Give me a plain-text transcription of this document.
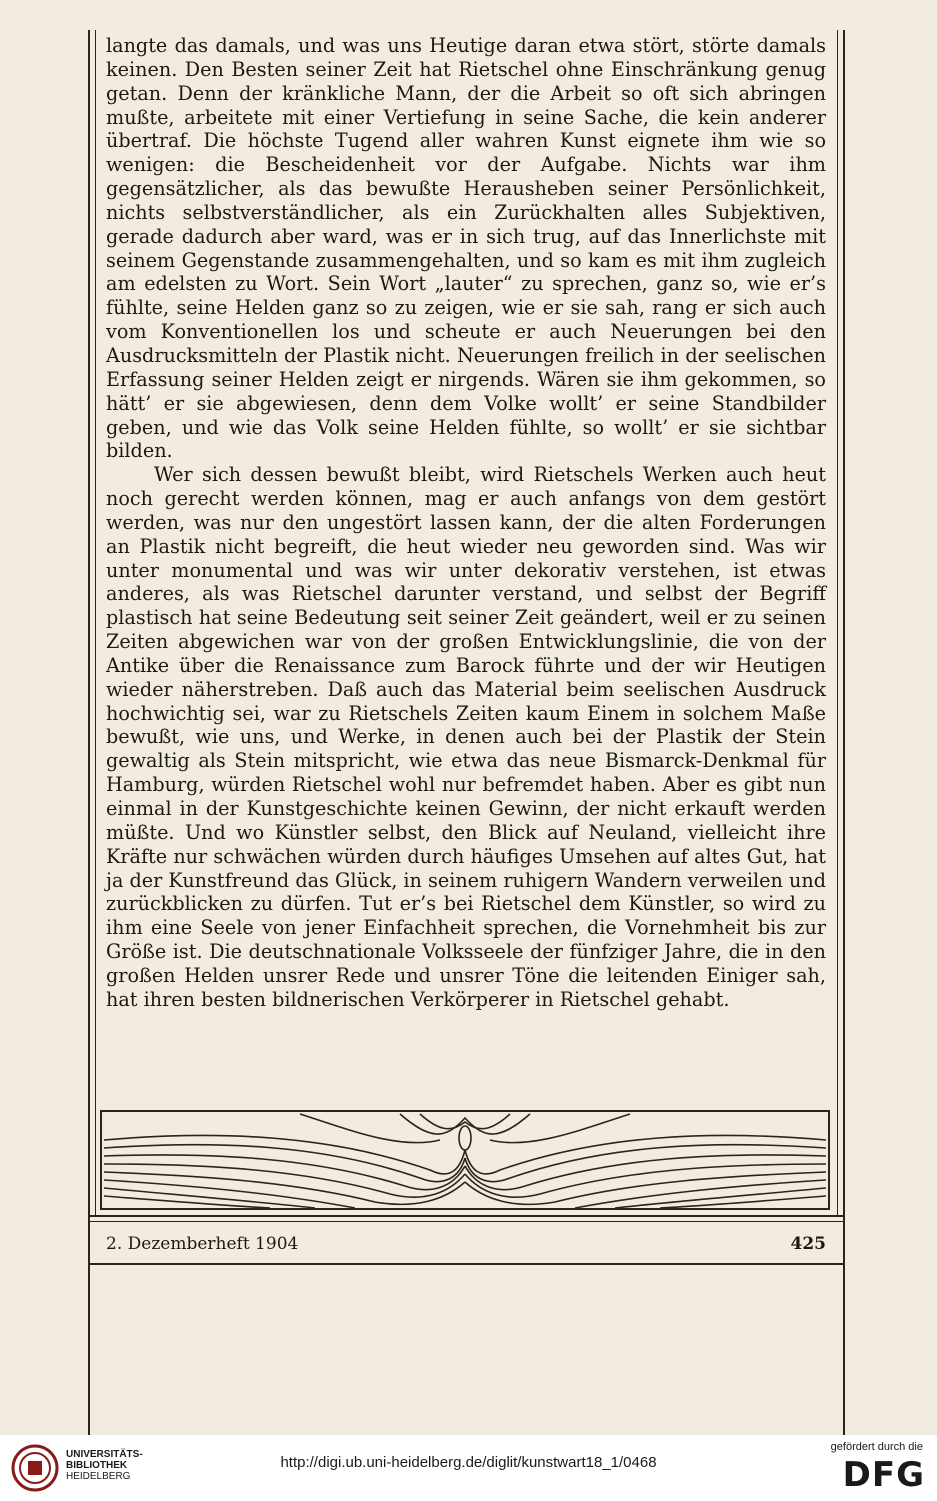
langte das damals, und was uns Heutige daran etwa stört, störte damals keinen. Den Besten seiner Zeit hat Rietschel ohne Einschränkung genug getan. Denn der kränkliche Mann, der die Arbeit so oft sich abringen mußte, arbeitete mit einer Vertiefung in seine Sache, die kein anderer übertraf. Die höchste Tugend aller wahren Kunst eignete ihm wie so wenigen: die Bescheidenheit vor der Aufgabe. Nichts war ihm gegensätzlicher, als das bewußte Herausheben seiner Persönlichkeit, nichts selbstverständlicher, als ein Zurückhalten alles Subjektiven, gerade dadurch aber ward, was er in sich trug, auf das Innerlichste mit seinem Gegenstande zusammengehalten, und so kam es mit ihm zugleich am edelsten zu Wort. Sein Wort „lauter“ zu sprechen, ganz so, wie er’s fühlte, seine Helden ganz so zu zeigen, wie er sie sah, rang er sich auch vom Konventionellen los und scheute er auch Neuerungen bei den Ausdrucksmitteln der Plastik nicht. Neuerungen freilich in der seelischen Erfassung seiner Helden zeigt er nirgends. Wären sie ihm gekommen, so hätt’ er sie abgewiesen, denn dem Volke wollt’ er seine Standbilder geben, und wie das Volk seine Helden fühlte, so wollt’ er sie sichtbar bilden.

Wer sich dessen bewußt bleibt, wird Rietschels Werken auch heut noch gerecht werden können, mag er auch anfangs von dem gestört werden, was nur den ungestört lassen kann, der die alten Forderungen an Plastik nicht begreift, die heut wieder neu geworden sind. Was wir unter monumental und was wir unter dekorativ verstehen, ist etwas anderes, als was Rietschel darunter verstand, und selbst der Begriff plastisch hat seine Bedeutung seit seiner Zeit geändert, weil er zu seinen Zeiten abgewichen war von der großen Entwicklungslinie, die von der Antike über die Renaissance zum Barock führte und der wir Heutigen wieder näherstreben. Daß auch das Material beim seelischen Ausdruck hochwichtig sei, war zu Rietschels Zeiten kaum Einem in solchem Maße bewußt, wie uns, und Werke, in denen auch bei der Plastik der Stein gewaltig als Stein mitspricht, wie etwa das neue Bismarck-Denkmal für Hamburg, würden Rietschel wohl nur befremdet haben. Aber es gibt nun einmal in der Kunstgeschichte keinen Gewinn, der nicht erkauft werden müßte. Und wo Künstler selbst, den Blick auf Neuland, vielleicht ihre Kräfte nur schwächen würden durch häufiges Umsehen auf altes Gut, hat ja der Kunstfreund das Glück, in seinem ruhigern Wandern verweilen und zurückblicken zu dürfen. Tut er’s bei Rietschel dem Künstler, so wird zu ihm eine Seele von jener Einfachheit sprechen, die Vornehmheit bis zur Größe ist. Die deutschnationale Volksseele der fünfziger Jahre, die in den großen Helden unsrer Rede und unsrer Töne die leitenden Einiger sah, hat ihren besten bildnerischen Verkörperer in Rietschel gehabt.

2. Dezemberheft 1904	425
UNIVERSITÄTS-
BIBLIOTHEK
HEIDELBERG
http://digi.ub.uni-heidelberg.de/diglit/kunstwart18_1/0468
gefördert durch die
DFG
